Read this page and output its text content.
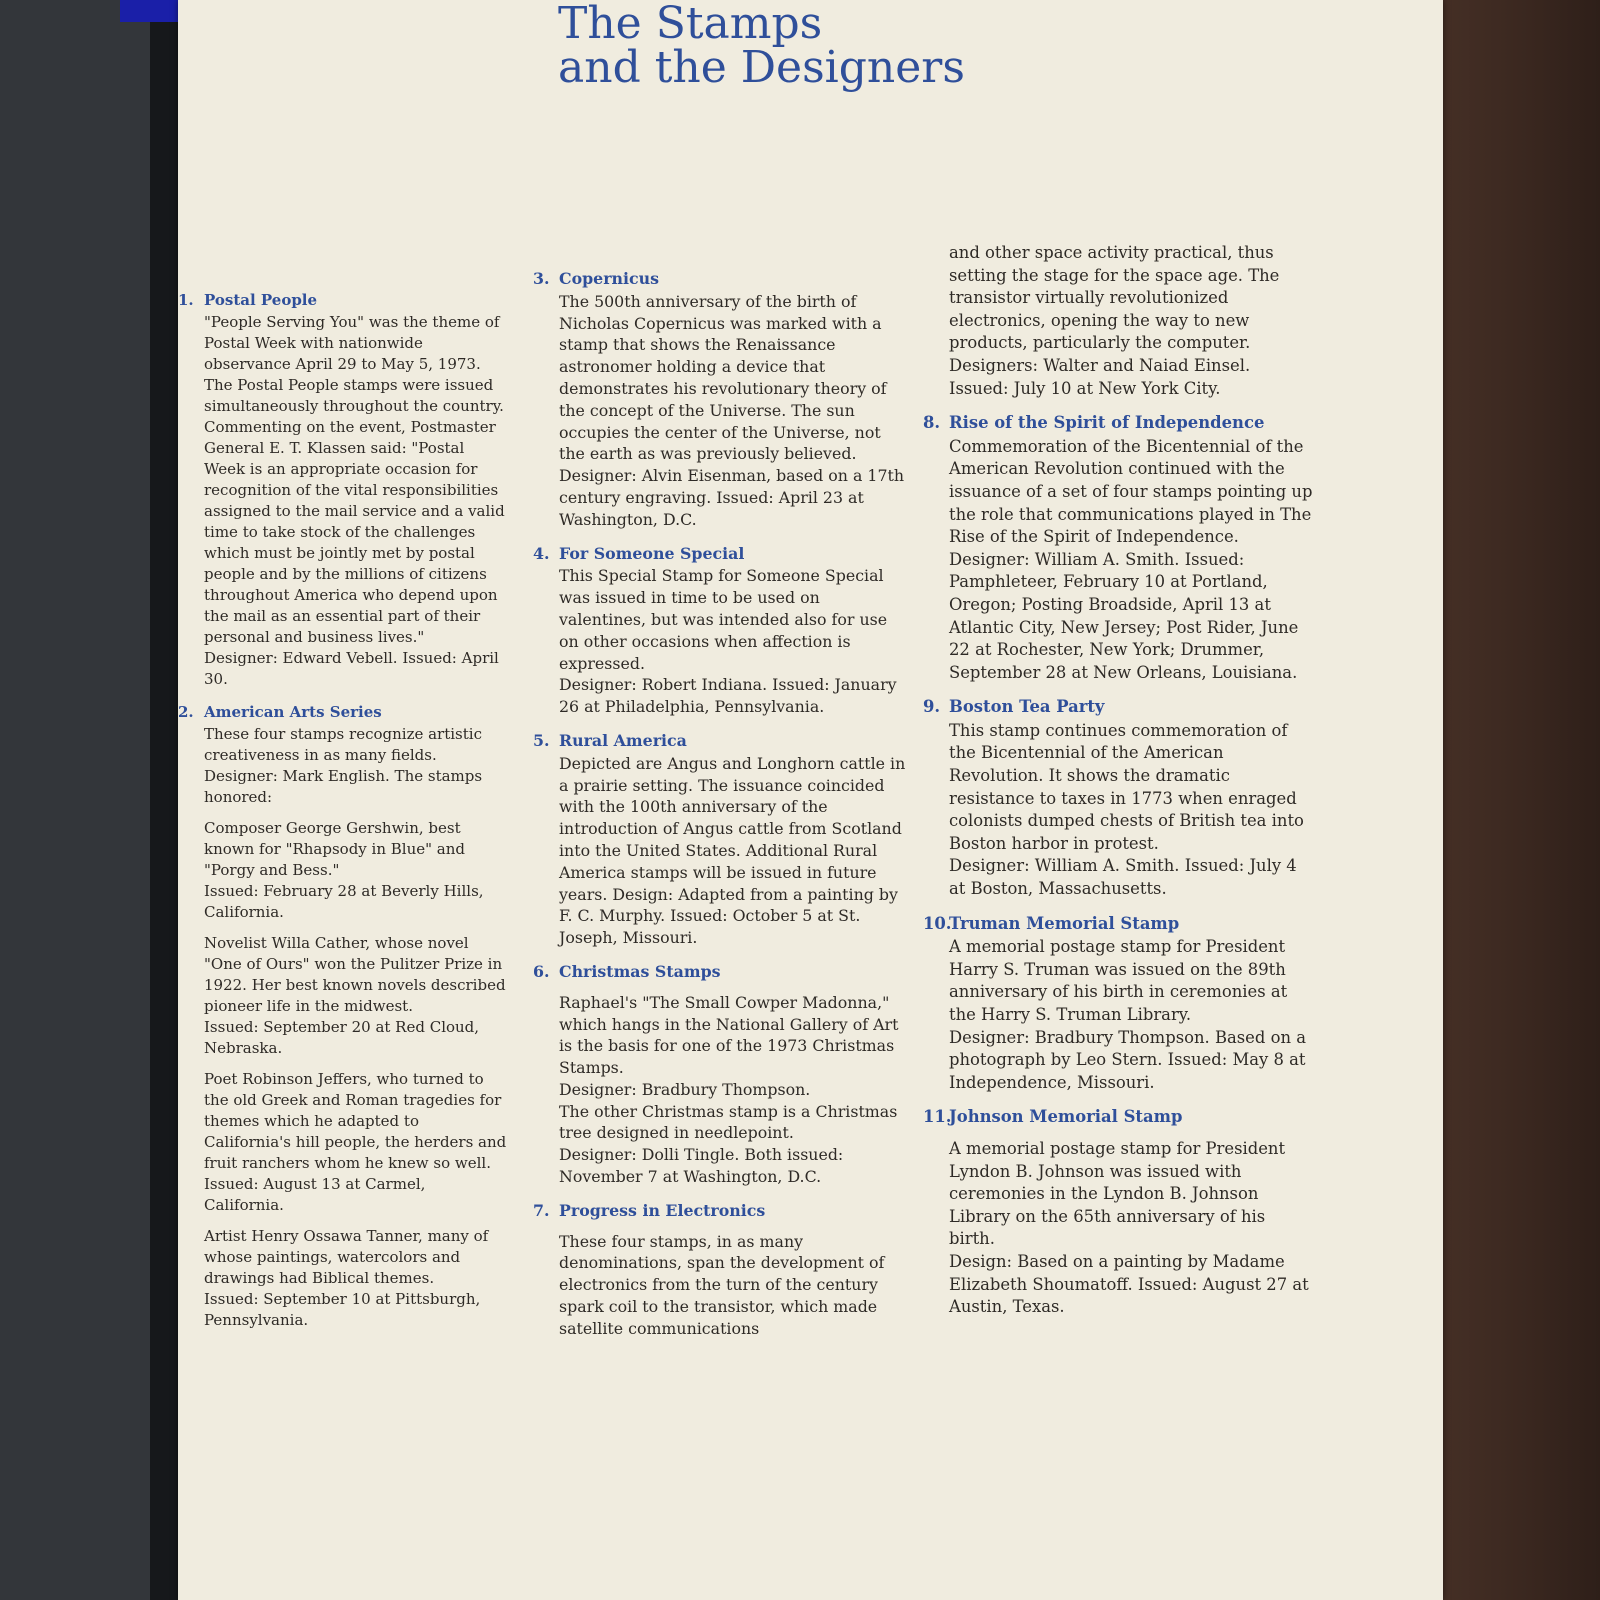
The Stamps
and the Designers
1. Postal People
"People Serving You" was the theme of Postal Week with nationwide observance April 29 to May 5, 1973. The Postal People stamps were issued simultaneously throughout the country. Commenting on the event, Postmaster General E. T. Klassen said: "Postal Week is an appropriate occasion for recognition of the vital responsibilities assigned to the mail service and a valid time to take stock of the challenges which must be jointly met by postal people and by the millions of citizens throughout America who depend upon the mail as an essential part of their personal and business lives."
Designer: Edward Vebell. Issued: April 30.
2. American Arts Series
These four stamps recognize artistic creativeness in as many fields. Designer: Mark English. The stamps honored:
Composer George Gershwin, best known for "Rhapsody in Blue" and "Porgy and Bess."
Issued: February 28 at Beverly Hills, California.
Novelist Willa Cather, whose novel "One of Ours" won the Pulitzer Prize in 1922. Her best known novels described pioneer life in the midwest.
Issued: September 20 at Red Cloud, Nebraska.
Poet Robinson Jeffers, who turned to the old Greek and Roman tragedies for themes which he adapted to California's hill people, the herders and fruit ranchers whom he knew so well.
Issued: August 13 at Carmel, California.
Artist Henry Ossawa Tanner, many of whose paintings, watercolors and drawings had Biblical themes.
Issued: September 10 at Pittsburgh, Pennsylvania.
3. Copernicus
The 500th anniversary of the birth of Nicholas Copernicus was marked with a stamp that shows the Renaissance astronomer holding a device that demonstrates his revolutionary theory of the concept of the Universe. The sun occupies the center of the Universe, not the earth as was previously believed.
Designer: Alvin Eisenman, based on a 17th century engraving. Issued: April 23 at Washington, D.C.
4. For Someone Special
This Special Stamp for Someone Special was issued in time to be used on valentines, but was intended also for use on other occasions when affection is expressed.
Designer: Robert Indiana. Issued: January 26 at Philadelphia, Pennsylvania.
5. Rural America
Depicted are Angus and Longhorn cattle in a prairie setting. The issuance coincided with the 100th anniversary of the introduction of Angus cattle from Scotland into the United States. Additional Rural America stamps will be issued in future years. Design: Adapted from a painting by F. C. Murphy. Issued: October 5 at St. Joseph, Missouri.
6. Christmas Stamps
Raphael's "The Small Cowper Madonna," which hangs in the National Gallery of Art is the basis for one of the 1973 Christmas Stamps.
Designer: Bradbury Thompson.
The other Christmas stamp is a Christmas tree designed in needlepoint.
Designer: Dolli Tingle. Both issued: November 7 at Washington, D.C.
7. Progress in Electronics
These four stamps, in as many denominations, span the development of electronics from the turn of the century spark coil to the transistor, which made satellite communications
and other space activity practical, thus setting the stage for the space age. The transistor virtually revolutionized electronics, opening the way to new products, particularly the computer.
Designers: Walter and Naiad Einsel. Issued: July 10 at New York City.
8. Rise of the Spirit of Independence
Commemoration of the Bicentennial of the American Revolution continued with the issuance of a set of four stamps pointing up the role that communications played in The Rise of the Spirit of Independence.
Designer: William A. Smith. Issued: Pamphleteer, February 10 at Portland, Oregon; Posting Broadside, April 13 at Atlantic City, New Jersey; Post Rider, June 22 at Rochester, New York; Drummer, September 28 at New Orleans, Louisiana.
9. Boston Tea Party
This stamp continues commemoration of the Bicentennial of the American Revolution. It shows the dramatic resistance to taxes in 1773 when enraged colonists dumped chests of British tea into Boston harbor in protest.
Designer: William A. Smith. Issued: July 4 at Boston, Massachusetts.
10.Truman Memorial Stamp
A memorial postage stamp for President Harry S. Truman was issued on the 89th anniversary of his birth in ceremonies at the Harry S. Truman Library.
Designer: Bradbury Thompson. Based on a photograph by Leo Stern. Issued: May 8 at Independence, Missouri.
11.Johnson Memorial Stamp
A memorial postage stamp for President Lyndon B. Johnson was issued with ceremonies in the Lyndon B. Johnson Library on the 65th anniversary of his birth.
Design: Based on a painting by Madame Elizabeth Shoumatoff. Issued: August 27 at Austin, Texas.
